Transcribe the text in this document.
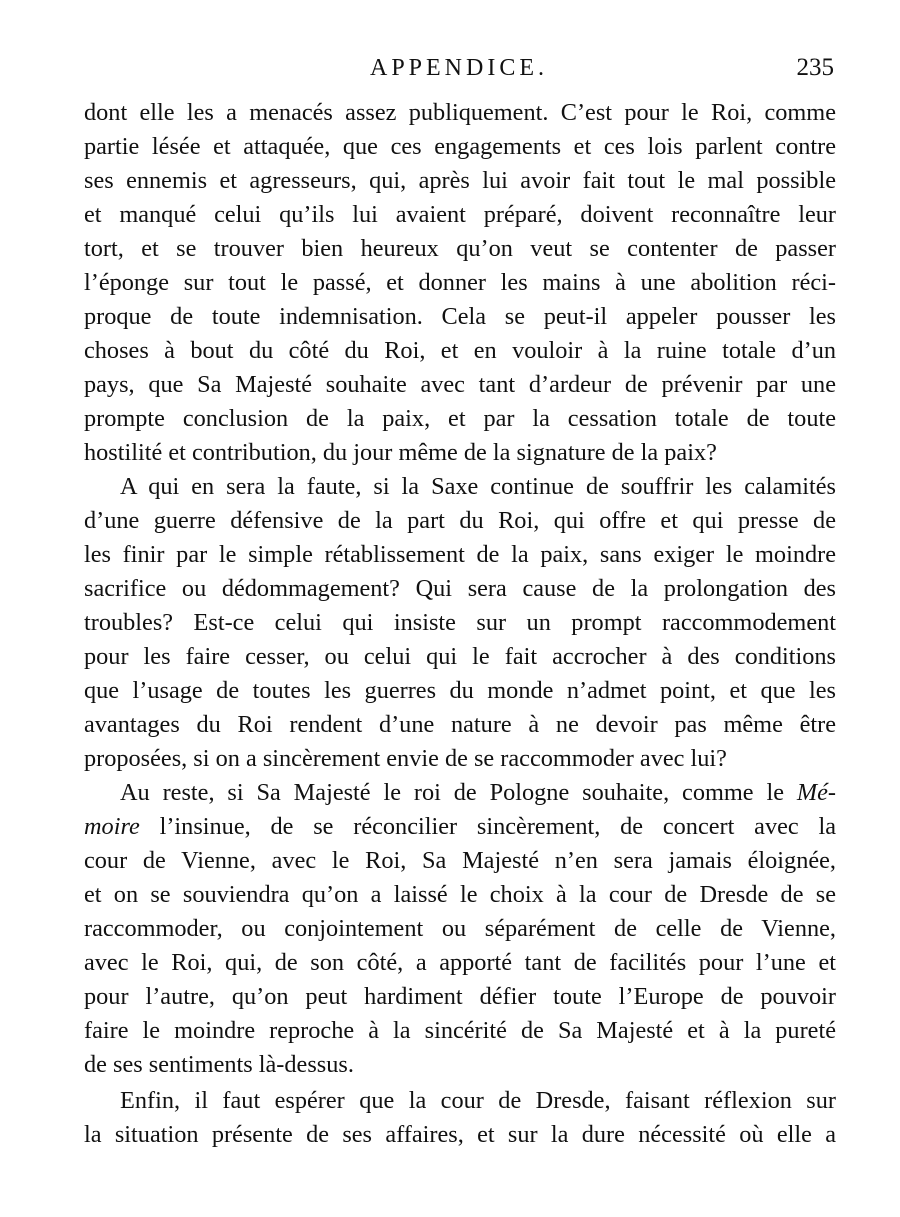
APPENDICE.	235
dont elle les a menacés assez publiquement. C’est pour le Roi, comme
partie lésée et attaquée, que ces engagements et ces lois parlent contre
ses ennemis et agresseurs, qui, après lui avoir fait tout le mal possible
et manqué celui qu’ils lui avaient préparé, doivent reconnaître leur
tort, et se trouver bien heureux qu’on veut se contenter de passer
l’éponge sur tout le passé, et donner les mains à une abolition réci-
proque de toute indemnisation. Cela se peut-il appeler pousser les
choses à bout du côté du Roi, et en vouloir à la ruine totale d’un
pays, que Sa Majesté souhaite avec tant d’ardeur de prévenir par une
prompte conclusion de la paix, et par la cessation totale de toute
hostilité et contribution, du jour même de la signature de la paix?
A qui en sera la faute, si la Saxe continue de souffrir les calamités
d’une guerre défensive de la part du Roi, qui offre et qui presse de
les finir par le simple rétablissement de la paix, sans exiger le moindre
sacrifice ou dédommagement? Qui sera cause de la prolongation des
troubles? Est-ce celui qui insiste sur un prompt raccommodement
pour les faire cesser, ou celui qui le fait accrocher à des conditions
que l’usage de toutes les guerres du monde n’admet point, et que les
avantages du Roi rendent d’une nature à ne devoir pas même être
proposées, si on a sincèrement envie de se raccommoder avec lui?
Au reste, si Sa Majesté le roi de Pologne souhaite, comme le Mé-
moire l’insinue, de se réconcilier sincèrement, de concert avec la
cour de Vienne, avec le Roi, Sa Majesté n’en sera jamais éloignée,
et on se souviendra qu’on a laissé le choix à la cour de Dresde de se
raccommoder, ou conjointement ou séparément de celle de Vienne,
avec le Roi, qui, de son côté, a apporté tant de facilités pour l’une et
pour l’autre, qu’on peut hardiment défier toute l’Europe de pouvoir
faire le moindre reproche à la sincérité de Sa Majesté et à la pureté
de ses sentiments là-dessus.
Enfin, il faut espérer que la cour de Dresde, faisant réflexion sur
la situation présente de ses affaires, et sur la dure nécessité où elle a
